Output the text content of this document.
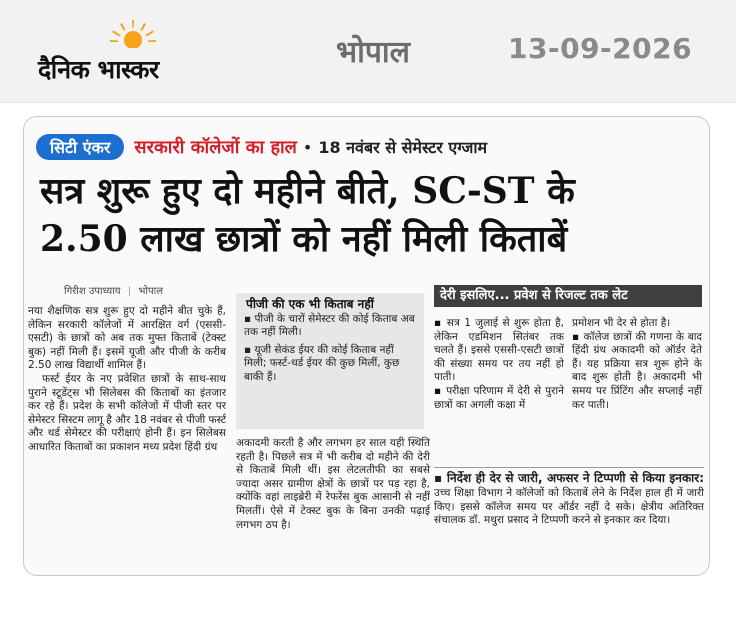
दैनिक भास्कर	भोपाल	13-09-2026
सिटी एंकर	सरकारी कॉलेजों का हाल • 18 नवंबर से सेमेस्टर एग्जाम
सत्र शुरू हुए दो महीने बीते, SC-ST के
2.50 लाख छात्रों को नहीं मिली किताबें
गिरीश उपाध्याय | भोपाल

नया शैक्षणिक सत्र शुरू हुए दो महीने बीत चुके हैं, लेकिन सरकारी कॉलेजों में आरक्षित वर्ग (एससी-एसटी) के छात्रों को अब तक मुफ्त किताबें (टेक्स्ट बुक) नहीं मिली हैं। इसमें यूजी और पीजी के करीब 2.50 लाख विद्यार्थी शामिल हैं।

फर्स्ट ईयर के नए प्रवेशित छात्रों के साथ-साथ पुराने स्टूडेंट्स भी सिलेबस की किताबों का इंतजार कर रहे हैं। प्रदेश के सभी कॉलेजों में पीजी स्तर पर सेमेस्टर सिस्टम लागू है और 18 नवंबर से पीजी फर्स्ट और थर्ड सेमेस्टर की परीक्षाएं होनी हैं। इन सिलेबस आधारित किताबों का प्रकाशन मध्य प्रदेश हिंदी ग्रंथ

पीजी की एक भी किताब नहीं
▪ पीजी के चारों सेमेस्टर की कोई किताब अब तक नहीं मिली।
▪ यूजी सेकंड ईयर की कोई किताब नहीं मिली; फर्स्ट-थर्ड ईयर की कुछ मिलीं, कुछ बाकी हैं।
अकादमी करती है और लगभग हर साल यही स्थिति रहती है। पिछले सत्र में भी करीब दो महीने की देरी से किताबें मिली थीं। इस लेटलतीफी का सबसे ज्यादा असर ग्रामीण क्षेत्रों के छात्रों पर पड़ रहा है, क्योंकि वहां लाइब्रेरी में रेफरेंस बुक आसानी से नहीं मिलतीं। ऐसे में टेक्स्ट बुक के बिना उनकी पढ़ाई लगभग ठप है।
देरी इसलिए... प्रवेश से रिजल्ट तक लेट
▪ सत्र 1 जुलाई से शुरू होता है, लेकिन एडमिशन सितंबर तक चलते हैं। इससे एससी-एसटी छात्रों की संख्या समय पर तय नहीं हो पाती।
▪ परीक्षा परिणाम में देरी से पुराने छात्रों का अगली कक्षा में
प्रमोशन भी देर से होता है।
▪ कॉलेज छात्रों की गणना के बाद हिंदी ग्रंथ अकादमी को ऑर्डर देते हैं। यह प्रक्रिया सत्र शुरू होने के बाद शुरू होती है। अकादमी भी समय पर प्रिंटिंग और सप्लाई नहीं कर पाती।
▪ निर्देश ही देर से जारी, अफसर ने टिप्पणी से किया इनकार: उच्च शिक्षा विभाग ने कॉलेजों को किताबें लेने के निर्देश हाल ही में जारी किए। इससे कॉलेज समय पर ऑर्डर नहीं दे सके। क्षेत्रीय अतिरिक्त संचालक डॉ. मथुरा प्रसाद ने टिप्पणी करने से इनकार कर दिया।
